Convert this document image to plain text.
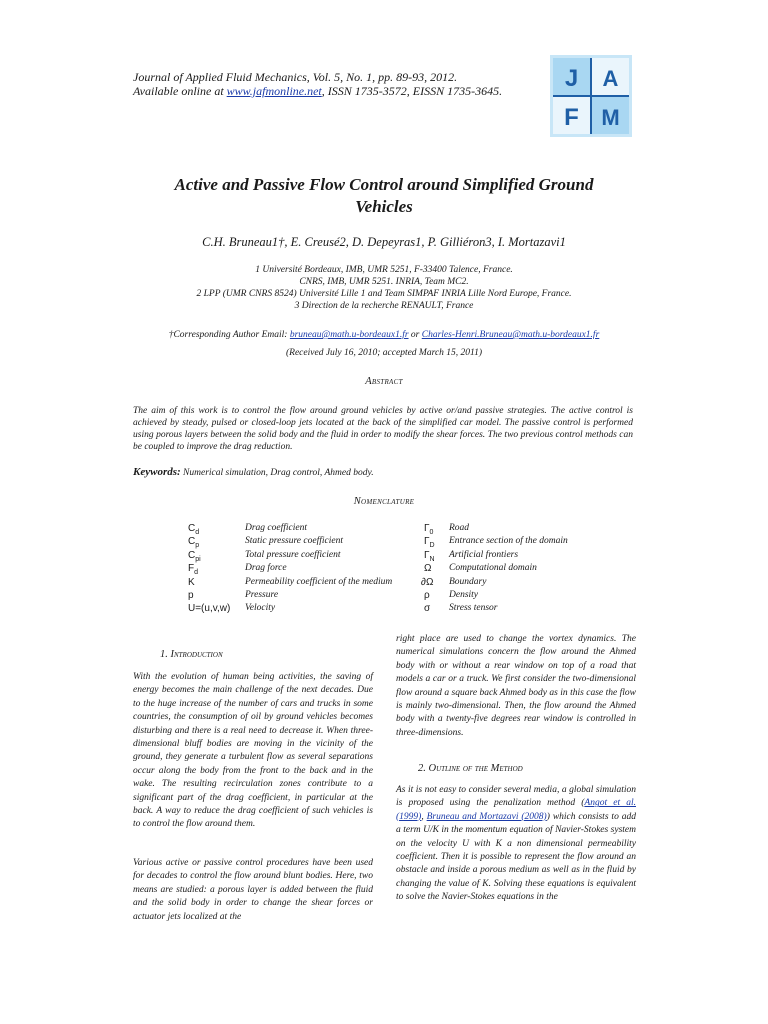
Journal of Applied Fluid Mechanics, Vol. 5, No. 1, pp. 89-93, 2012.
Available online at www.jafmonline.net, ISSN 1735-3572, EISSN 1735-3645.	J A
F M
Active and Passive Flow Control around Simplified Ground
Vehicles
C.H. Bruneau1†, E. Creusé2, D. Depeyras1, P. Gilliéron3, I. Mortazavi1
1 Université Bordeaux, IMB, UMR 5251, F-33400 Talence, France.
CNRS, IMB, UMR 5251. INRIA, Team MC2.
2 LPP (UMR CNRS 8524) Université Lille 1 and Team SIMPAF INRIA Lille Nord Europe, France.
3 Direction de la recherche RENAULT, France
†Corresponding Author Email: bruneau@math.u-bordeaux1.fr or Charles-Henri.Bruneau@math.u-bordeaux1.fr
(Received July 16, 2010; accepted March 15, 2011)
Abstract
The aim of this work is to control the flow around ground vehicles by active or/and passive strategies. The active control is achieved by steady, pulsed or closed-loop jets located at the back of the simplified car model. The passive control is performed using porous layers between the solid body and the fluid in order to modify the shear forces. The two previous control methods can be coupled to improve the drag reduction.
Keywords: Numerical simulation, Drag control, Ahmed body.
Nomenclature
$C_d$	Drag coefficient
$C_p$	Static pressure coefficient
$C_{pi}$	Total pressure coefficient
$F_d$	Drag force
K	Permeability coefficient of the medium
p	Pressure
U=(u,v,w) Velocity
$\Gamma_0$ Road
$\Gamma_D$ Entrance section of the domain
$\Gamma_N$ Artificial frontiers
Ω Computational domain
∂Ω Boundary
ρ Density
σ Stress tensor
1. Introduction
With the evolution of human being activities, the saving of energy becomes the main challenge of the next decades. Due to the huge increase of the number of cars and trucks in some countries, the consumption of oil by ground vehicles becomes disturbing and there is a real need to decrease it. When three-dimensional bluff bodies are moving in the vicinity of the ground, they generate a turbulent flow as several separations occur along the body from the front to the back and in the wake. The resulting recirculation zones contribute to a significant part of the drag coefficient, in particular at the back. A way to reduce the drag coefficient of such vehicles is to control the flow around them.
Various active or passive control procedures have been used for decades to control the flow around blunt bodies. Here, two means are studied: a porous layer is added between the fluid and the solid body in order to change the shear forces or actuator jets localized at the
right place are used to change the vortex dynamics. The numerical simulations concern the flow around the Ahmed body with or without a rear window on top of a road that models a car or a truck. We first consider the two-dimensional flow around a square back Ahmed body as in this case the flow is mainly two-dimensional. Then, the flow around the Ahmed body with a twenty-five degrees rear window is controlled in three-dimensions.
2. Outline of the Method
As it is not easy to consider several media, a global simulation is proposed using the penalization method (Angot et al. (1999), Bruneau and Mortazavi (2008)) which consists to add a term U/K in the momentum equation of Navier-Stokes system on the velocity U with K a non dimensional permeability coefficient. Then it is possible to represent the flow around an obstacle and inside a porous medium as well as in the fluid by changing the value of K. Solving these equations is equivalent to solve the Navier-Stokes equations in the
